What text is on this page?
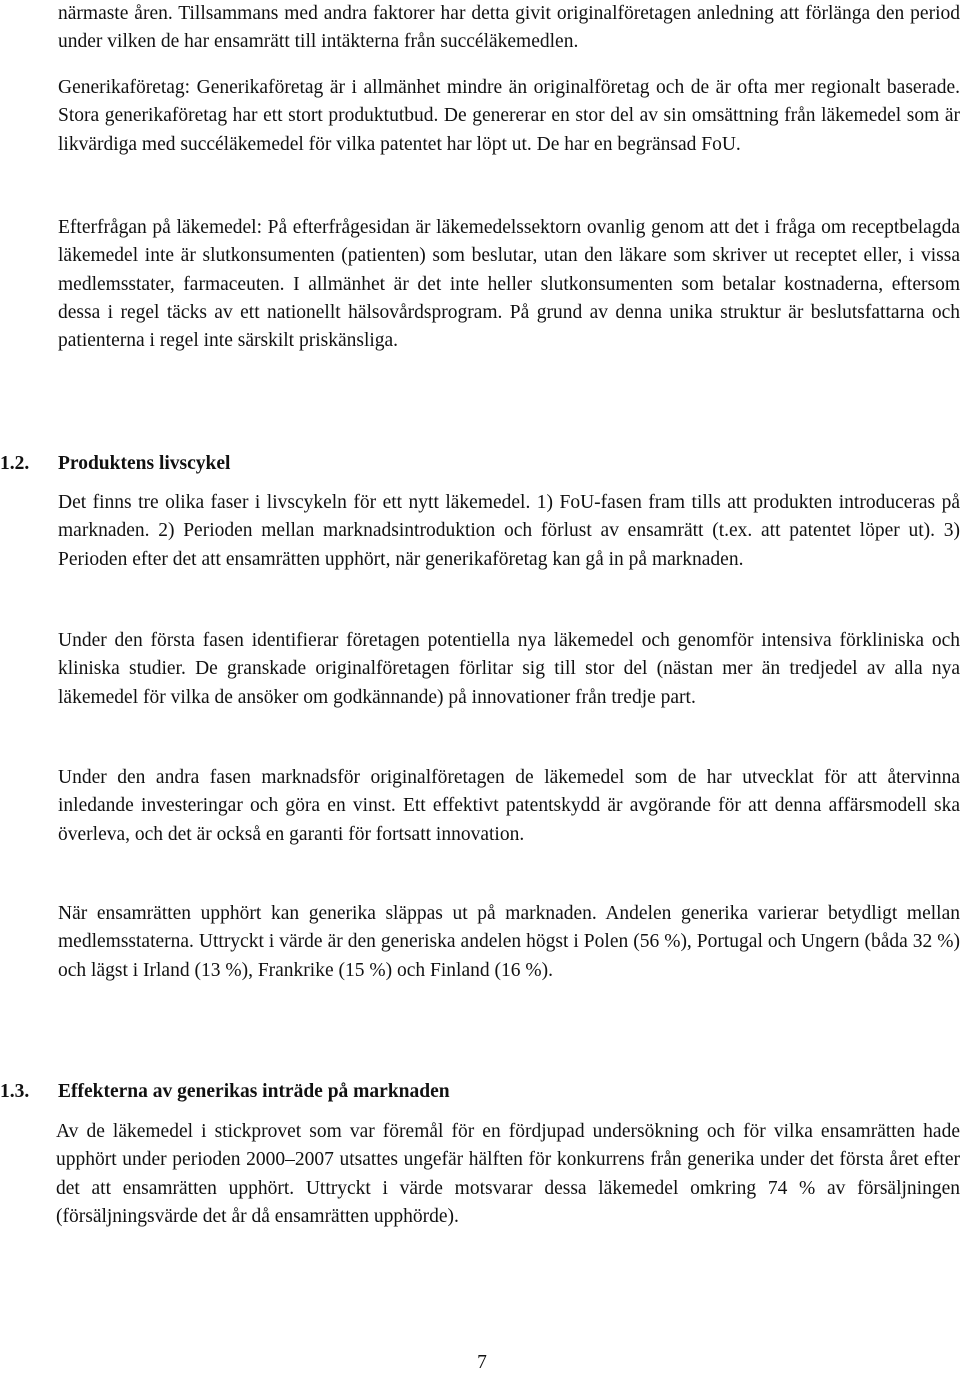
närmaste åren. Tillsammans med andra faktorer har detta givit originalföretagen anledning att förlänga den period under vilken de har ensamrätt till intäkterna från succéläkemedlen.

Generikaföretag: Generikaföretag är i allmänhet mindre än originalföretag och de är ofta mer regionalt baserade. Stora generikaföretag har ett stort produktutbud. De genererar en stor del av sin omsättning från läkemedel som är likvärdiga med succéläkemedel för vilka patentet har löpt ut. De har en begränsad FoU.

Efterfrågan på läkemedel: På efterfrågesidan är läkemedelssektorn ovanlig genom att det i fråga om receptbelagda läkemedel inte är slutkonsumenten (patienten) som beslutar, utan den läkare som skriver ut receptet eller, i vissa medlemsstater, farmaceuten. I allmänhet är det inte heller slutkonsumenten som betalar kostnaderna, eftersom dessa i regel täcks av ett nationellt hälsovårdsprogram. På grund av denna unika struktur är beslutsfattarna och patienterna i regel inte särskilt priskänsliga.

1.2. Produktens livscykel

Det finns tre olika faser i livscykeln för ett nytt läkemedel. 1) FoU-fasen fram tills att produkten introduceras på marknaden. 2) Perioden mellan marknadsintroduktion och förlust av ensamrätt (t.ex. att patentet löper ut). 3) Perioden efter det att ensamrätten upphört, när generikaföretag kan gå in på marknaden.

Under den första fasen identifierar företagen potentiella nya läkemedel och genomför intensiva förkliniska och kliniska studier. De granskade originalföretagen förlitar sig till stor del (nästan mer än tredjedel av alla nya läkemedel för vilka de ansöker om godkännande) på innovationer från tredje part.

Under den andra fasen marknadsför originalföretagen de läkemedel som de har utvecklat för att återvinna inledande investeringar och göra en vinst. Ett effektivt patentskydd är avgörande för att denna affärsmodell ska överleva, och det är också en garanti för fortsatt innovation.

När ensamrätten upphört kan generika släppas ut på marknaden. Andelen generika varierar betydligt mellan medlemsstaterna. Uttryckt i värde är den generiska andelen högst i Polen (56 %), Portugal och Ungern (båda 32 %) och lägst i Irland (13 %), Frankrike (15 %) och Finland (16 %).

1.3. Effekterna av generikas inträde på marknaden

Av de läkemedel i stickprovet som var föremål för en fördjupad undersökning och för vilka ensamrätten hade upphört under perioden 2000–2007 utsattes ungefär hälften för konkurrens från generika under det första året efter det att ensamrätten upphört. Uttryckt i värde motsvarar dessa läkemedel omkring 74 % av försäljningen (försäljningsvärde det år då ensamrätten upphörde).

7
